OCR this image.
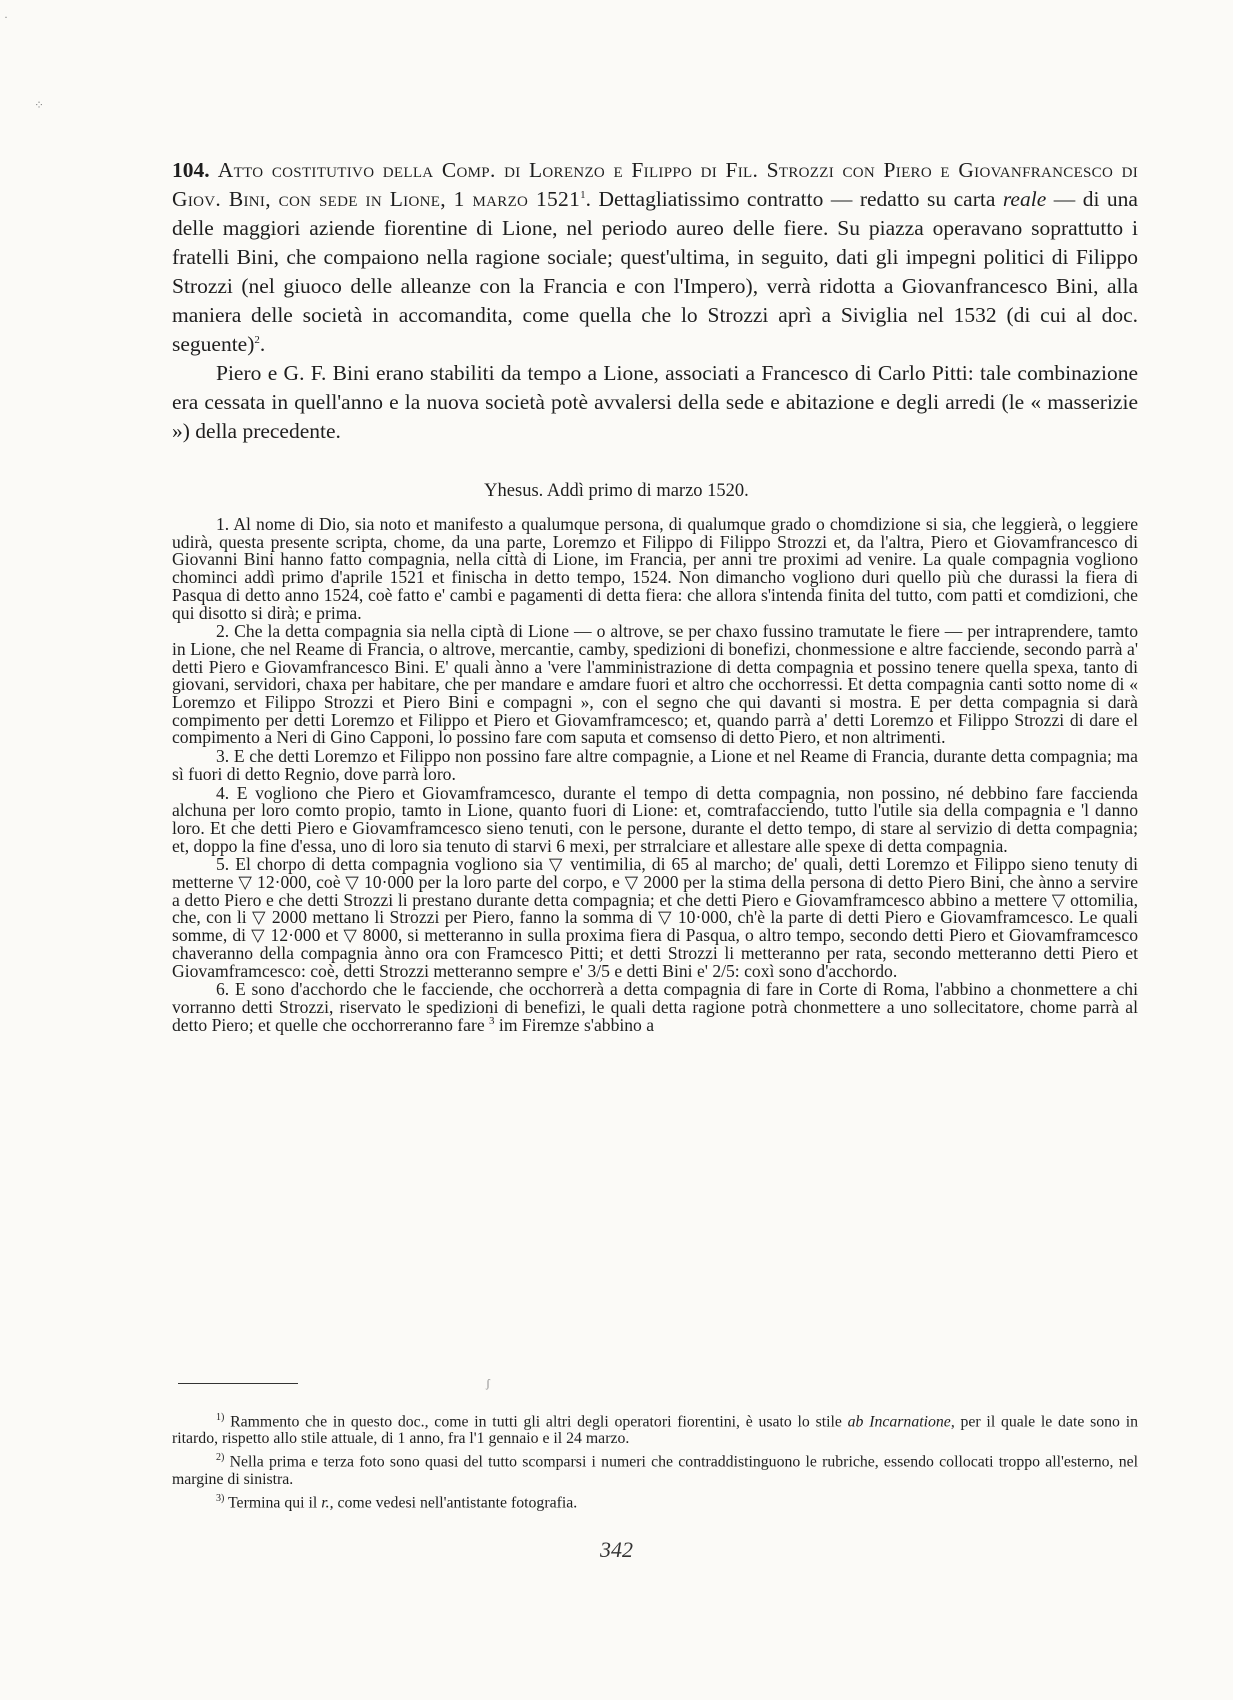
·
⁘
ʃ

104. Atto costitutivo della Comp. di Lorenzo e Filippo di Fil. Strozzi con Piero e Giovanfrancesco di Giov. Bini, con sede in Lione, 1 marzo 1521$^1$. Dettagliatissimo contratto — redatto su carta reale — di una delle maggiori aziende fiorentine di Lione, nel periodo aureo delle fiere. Su piazza operavano soprattutto i fratelli Bini, che compaiono nella ragione sociale; quest'ultima, in seguito, dati gli impegni politici di Filippo Strozzi (nel giuoco delle alleanze con la Francia e con l'Impero), verrà ridotta a Giovanfrancesco Bini, alla maniera delle società in accomandita, come quella che lo Strozzi aprì a Siviglia nel 1532 (di cui al doc. seguente)$^2$.

Piero e G. F. Bini erano stabiliti da tempo a Lione, associati a Francesco di Carlo Pitti: tale combinazione era cessata in quell'anno e la nuova società potè avvalersi della sede e abitazione e degli arredi (le « masserizie ») della precedente.

Yhesus. Addì primo di marzo 1520.

1. Al nome di Dio, sia noto et manifesto a qualumque persona, di qualumque grado o chomdizione si sia, che leggierà, o leggiere udirà, questa presente scripta, chome, da una parte, Loremzo et Filippo di Filippo Strozzi et, da l'altra, Piero et Giovamfrancesco di Giovanni Bini hanno fatto compagnia, nella città di Lione, im Francia, per anni tre proximi ad venire. La quale compagnia vogliono chominci addì primo d'aprile 1521 et finischa in detto tempo, 1524. Non dimancho vogliono duri quello più che durassi la fiera di Pasqua di detto anno 1524, coè fatto e' cambi e pagamenti di detta fiera: che allora s'intenda finita del tutto, com patti et comdizioni, che qui disotto si dirà; e prima.

2. Che la detta compagnia sia nella ciptà di Lione — o altrove, se per chaxo fussino tramutate le fiere — per intraprendere, tamto in Lione, che nel Reame di Francia, o altrove, mercantie, camby, spedizioni di bonefizi, chonmessione e altre facciende, secondo parrà a' detti Piero e Giovamfrancesco Bini. E' quali ànno a 'vere l'amministrazione di detta compagnia et possino tenere quella spexa, tanto di giovani, servidori, chaxa per habitare, che per mandare e amdare fuori et altro che occhorressi. Et detta compagnia canti sotto nome di « Loremzo et Filippo Strozzi et Piero Bini e compagni », con el segno che qui davanti si mostra. E per detta compagnia si darà compimento per detti Loremzo et Filippo et Piero et Giovamframcesco; et, quando parrà a' detti Loremzo et Filippo Strozzi di dare el compimento a Neri di Gino Capponi, lo possino fare com saputa et comsenso di detto Piero, et non altrimenti.

3. E che detti Loremzo et Filippo non possino fare altre compagnie, a Lione et nel Reame di Francia, durante detta compagnia; ma sì fuori di detto Regnio, dove parrà loro.

4. E vogliono che Piero et Giovamframcesco, durante el tempo di detta compagnia, non possino, né debbino fare faccienda alchuna per loro comto propio, tamto in Lione, quanto fuori di Lione: et, comtrafacciendo, tutto l'utile sia della compagnia e 'l danno loro. Et che detti Piero e Giovamframcesco sieno tenuti, con le persone, durante el detto tempo, di stare al servizio di detta compagnia; et, doppo la fine d'essa, uno di loro sia tenuto di starvi 6 mexi, per strralciare et allestare alle spexe di detta compagnia.

5. El chorpo di detta compagnia vogliono sia ▽ ventimilia, di 65 al marcho; de' quali, detti Loremzo et Filippo sieno tenuty di metterne ▽ 12·000, coè ▽ 10·000 per la loro parte del corpo, e ▽ 2000 per la stima della persona di detto Piero Bini, che ànno a servire a detto Piero e che detti Strozzi li prestano durante detta compagnia; et che detti Piero e Giovamframcesco abbino a mettere ▽ ottomilia, che, con li ▽ 2000 mettano li Strozzi per Piero, fanno la somma di ▽ 10·000, ch'è la parte di detti Piero e Giovamframcesco. Le quali somme, di ▽ 12·000 et ▽ 8000, si metteranno in sulla proxima fiera di Pasqua, o altro tempo, secondo detti Piero et Giovamframcesco chaveranno della compagnia ànno ora con Framcesco Pitti; et detti Strozzi li metteranno per rata, secondo metteranno detti Piero et Giovamframcesco: coè, detti Strozzi metteranno sempre e' 3/5 e detti Bini e' 2/5: coxì sono d'acchordo.

6. E sono d'acchordo che le facciende, che occhorrerà a detta compagnia di fare in Corte di Roma, l'abbino a chonmettere a chi vorranno detti Strozzi, riservato le spedizioni di benefizi, le quali detta ragione potrà chonmettere a uno sollecitatore, chome parrà al detto Piero; et quelle che occhorreranno fare $^3$ im Firemze s'abbino a

$^{1)}$ Rammento che in questo doc., come in tutti gli altri degli operatori fiorentini, è usato lo stile ab Incarnatione, per il quale le date sono in ritardo, rispetto allo stile attuale, di 1 anno, fra l'1 gennaio e il 24 marzo.

$^{2)}$ Nella prima e terza foto sono quasi del tutto scomparsi i numeri che contraddistinguono le rubriche, essendo collocati troppo all'esterno, nel margine di sinistra.

$^{3)}$ Termina qui il r., come vedesi nell'antistante fotografia.

342
